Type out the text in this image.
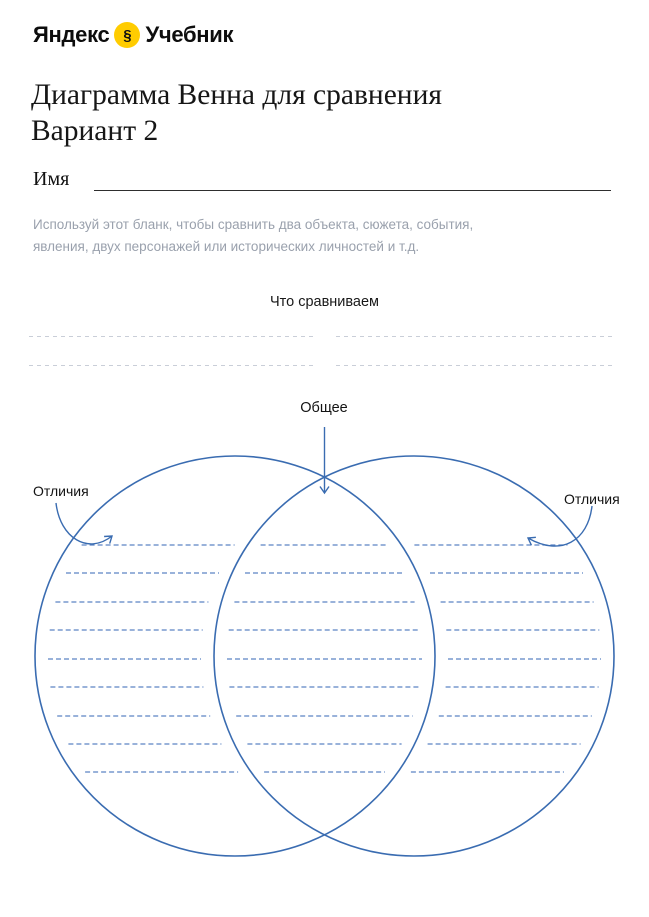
Яндекс § Учебник
Диаграмма Венна для сравнения
Вариант 2
Имя

Используй этот бланк, чтобы сравнить два объекта, сюжета, события,
явления, двух персонажей или исторических личностей и т.д.

Что сравниваем
Общее
Отличия	Отличия
